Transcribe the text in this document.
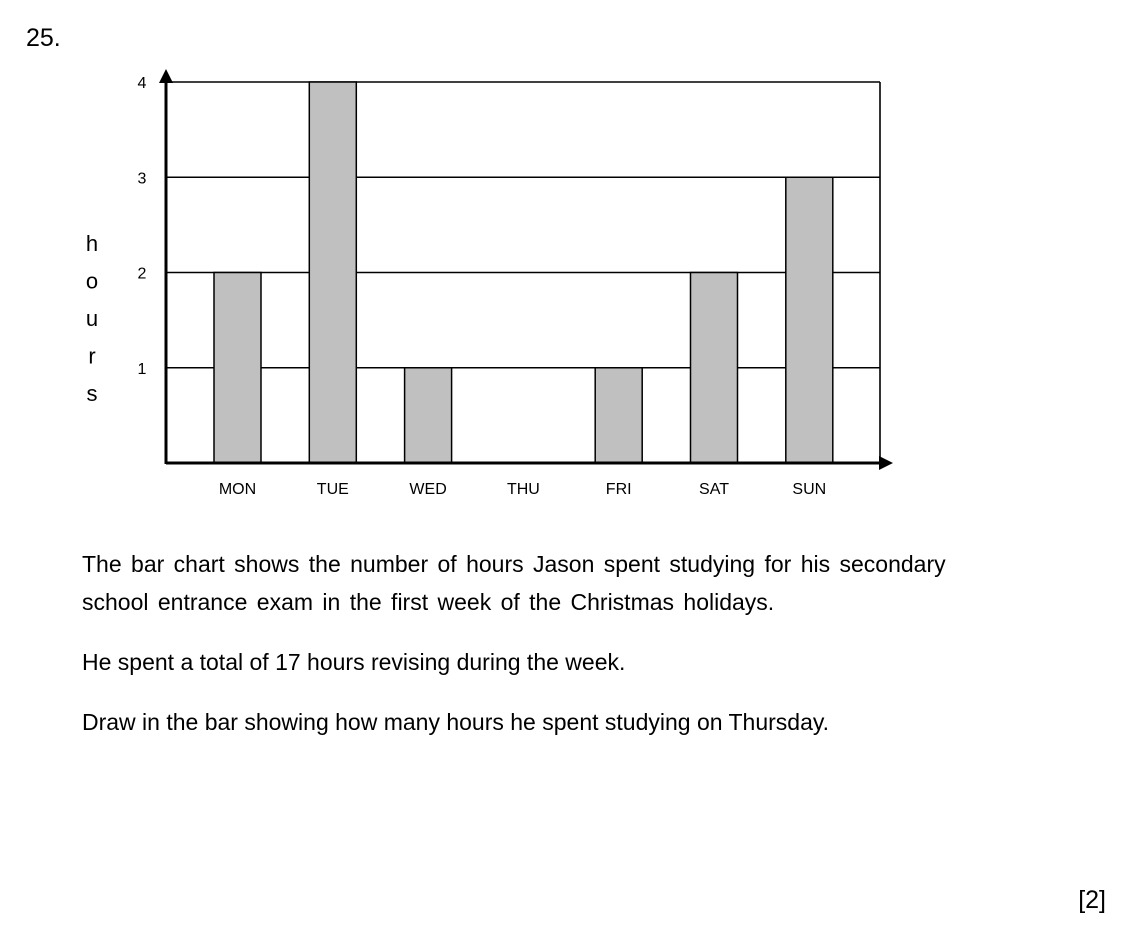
25.
1
2
3
4
MON	TUE	WED	THU	FRI	SAT	SUN
h
o
u
r
s

The bar chart shows the number of hours Jason spent studying for his secondary school entrance exam in the first week of the Christmas holidays.

He spent a total of 17 hours revising during the week.

Draw in the bar showing how many hours he spent studying on Thursday.

[2]
